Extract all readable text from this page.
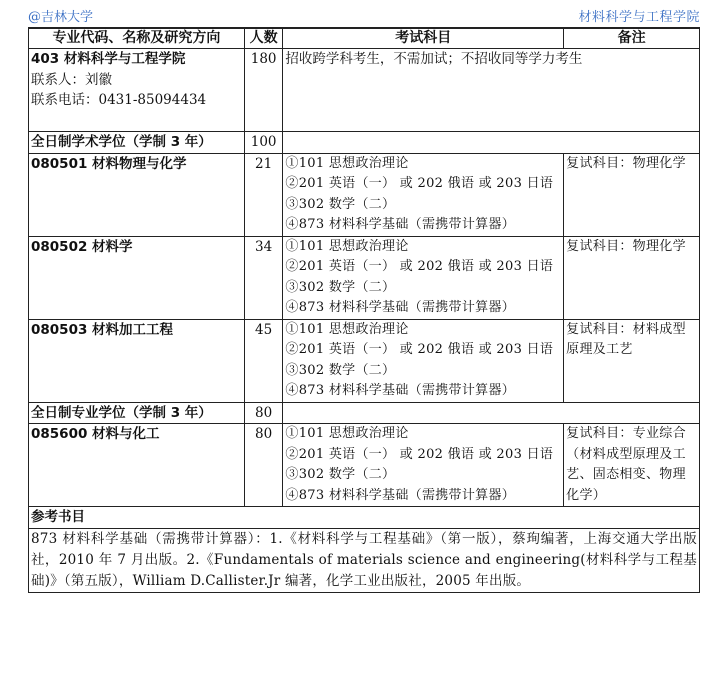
@吉林大学	材料科学与工程学院
专业代码、名称及研究方向	人数	考试科目	备注

403 材料科学与工程学院
联系人：刘徽
联系电话：0431-85094434	180	招收跨学科考生，不需加试；不招收同等学力考生	
全日制学术学位（学制 3 年）	100		
080501 材料物理与化学	21	①101 思想政治理论
②201 英语（一） 或 202 俄语 或 203 日语
③302 数学（二）
④873 材料科学基础（需携带计算器）	复试科目：物理化学
080502 材料学	34	①101 思想政治理论
②201 英语（一） 或 202 俄语 或 203 日语
③302 数学（二）
④873 材料科学基础（需携带计算器）	复试科目：物理化学
080503 材料加工工程	45	①101 思想政治理论
②201 英语（一） 或 202 俄语 或 203 日语
③302 数学（二）
④873 材料科学基础（需携带计算器）	复试科目：材料成型原理及工艺
全日制专业学位（学制 3 年）	80		
085600 材料与化工	80	①101 思想政治理论
②201 英语（一） 或 202 俄语 或 203 日语
③302 数学（二）
④873 材料科学基础（需携带计算器）	复试科目：专业综合（材料成型原理及工艺、固态相变、物理化学）
参考书目			
873 材料科学基础（需携带计算器）：1.《材料科学与工程基础》（第一版），蔡珣编著，上海交通大学出版社，2010 年 7 月出版。2.《Fundamentals of materials science and engineering(材料科学与工程基础)》（第五版），William D.Callister.Jr 编著，化学工业出版社，2005 年出版。			
